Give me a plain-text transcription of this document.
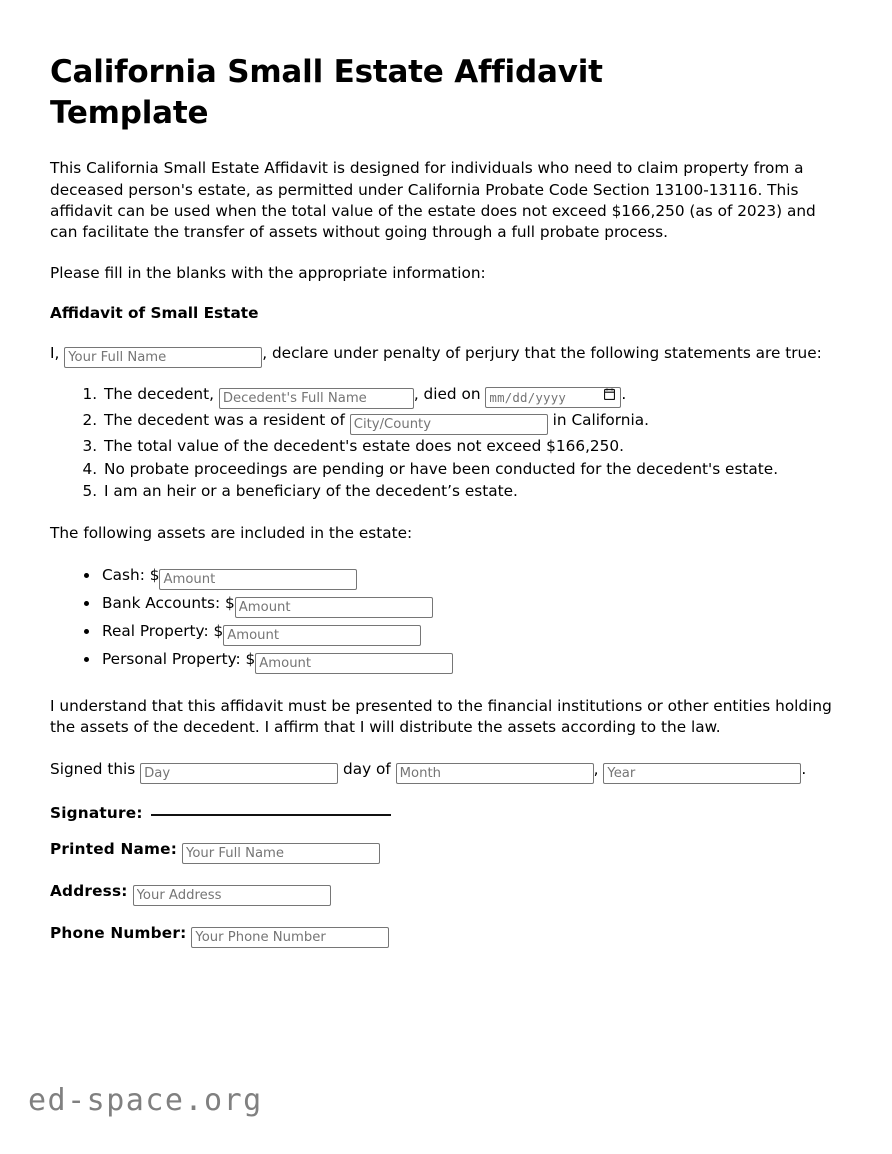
California Small Estate Affidavit Template

This California Small Estate Affidavit is designed for individuals who need to claim property from a deceased person's estate, as permitted under California Probate Code Section 13100-13116. This affidavit can be used when the total value of the estate does not exceed $166,250 (as of 2023) and can facilitate the transfer of assets without going through a full probate process.

Please fill in the blanks with the appropriate information:

Affidavit of Small Estate
I, Your Full Name	, declare under penalty of perjury that the following statements are true:
1. The decedent, Decedent's Full Name	, died on mm/dd/yyyy	.
2. The decedent was a resident of City/County	in California.
3. The total value of the decedent's estate does not exceed $166,250.
4. No probate proceedings are pending or have been conducted for the decedent's estate.
5. I am an heir or a beneficiary of the decedent’s estate.

The following assets are included in the estate:

• Cash: $Amount
• Bank Accounts: $Amount
• Real Property: $Amount
• Personal Property: $Amount

I understand that this affidavit must be presented to the financial institutions or other entities holding the assets of the decedent. I affirm that I will distribute the assets according to the law.

Signed this Day	day of Month	, Year	.
Signature:
Printed Name:Your Full Name
Address:Your Address
Phone Number:Your Phone Number
ed-space.org
